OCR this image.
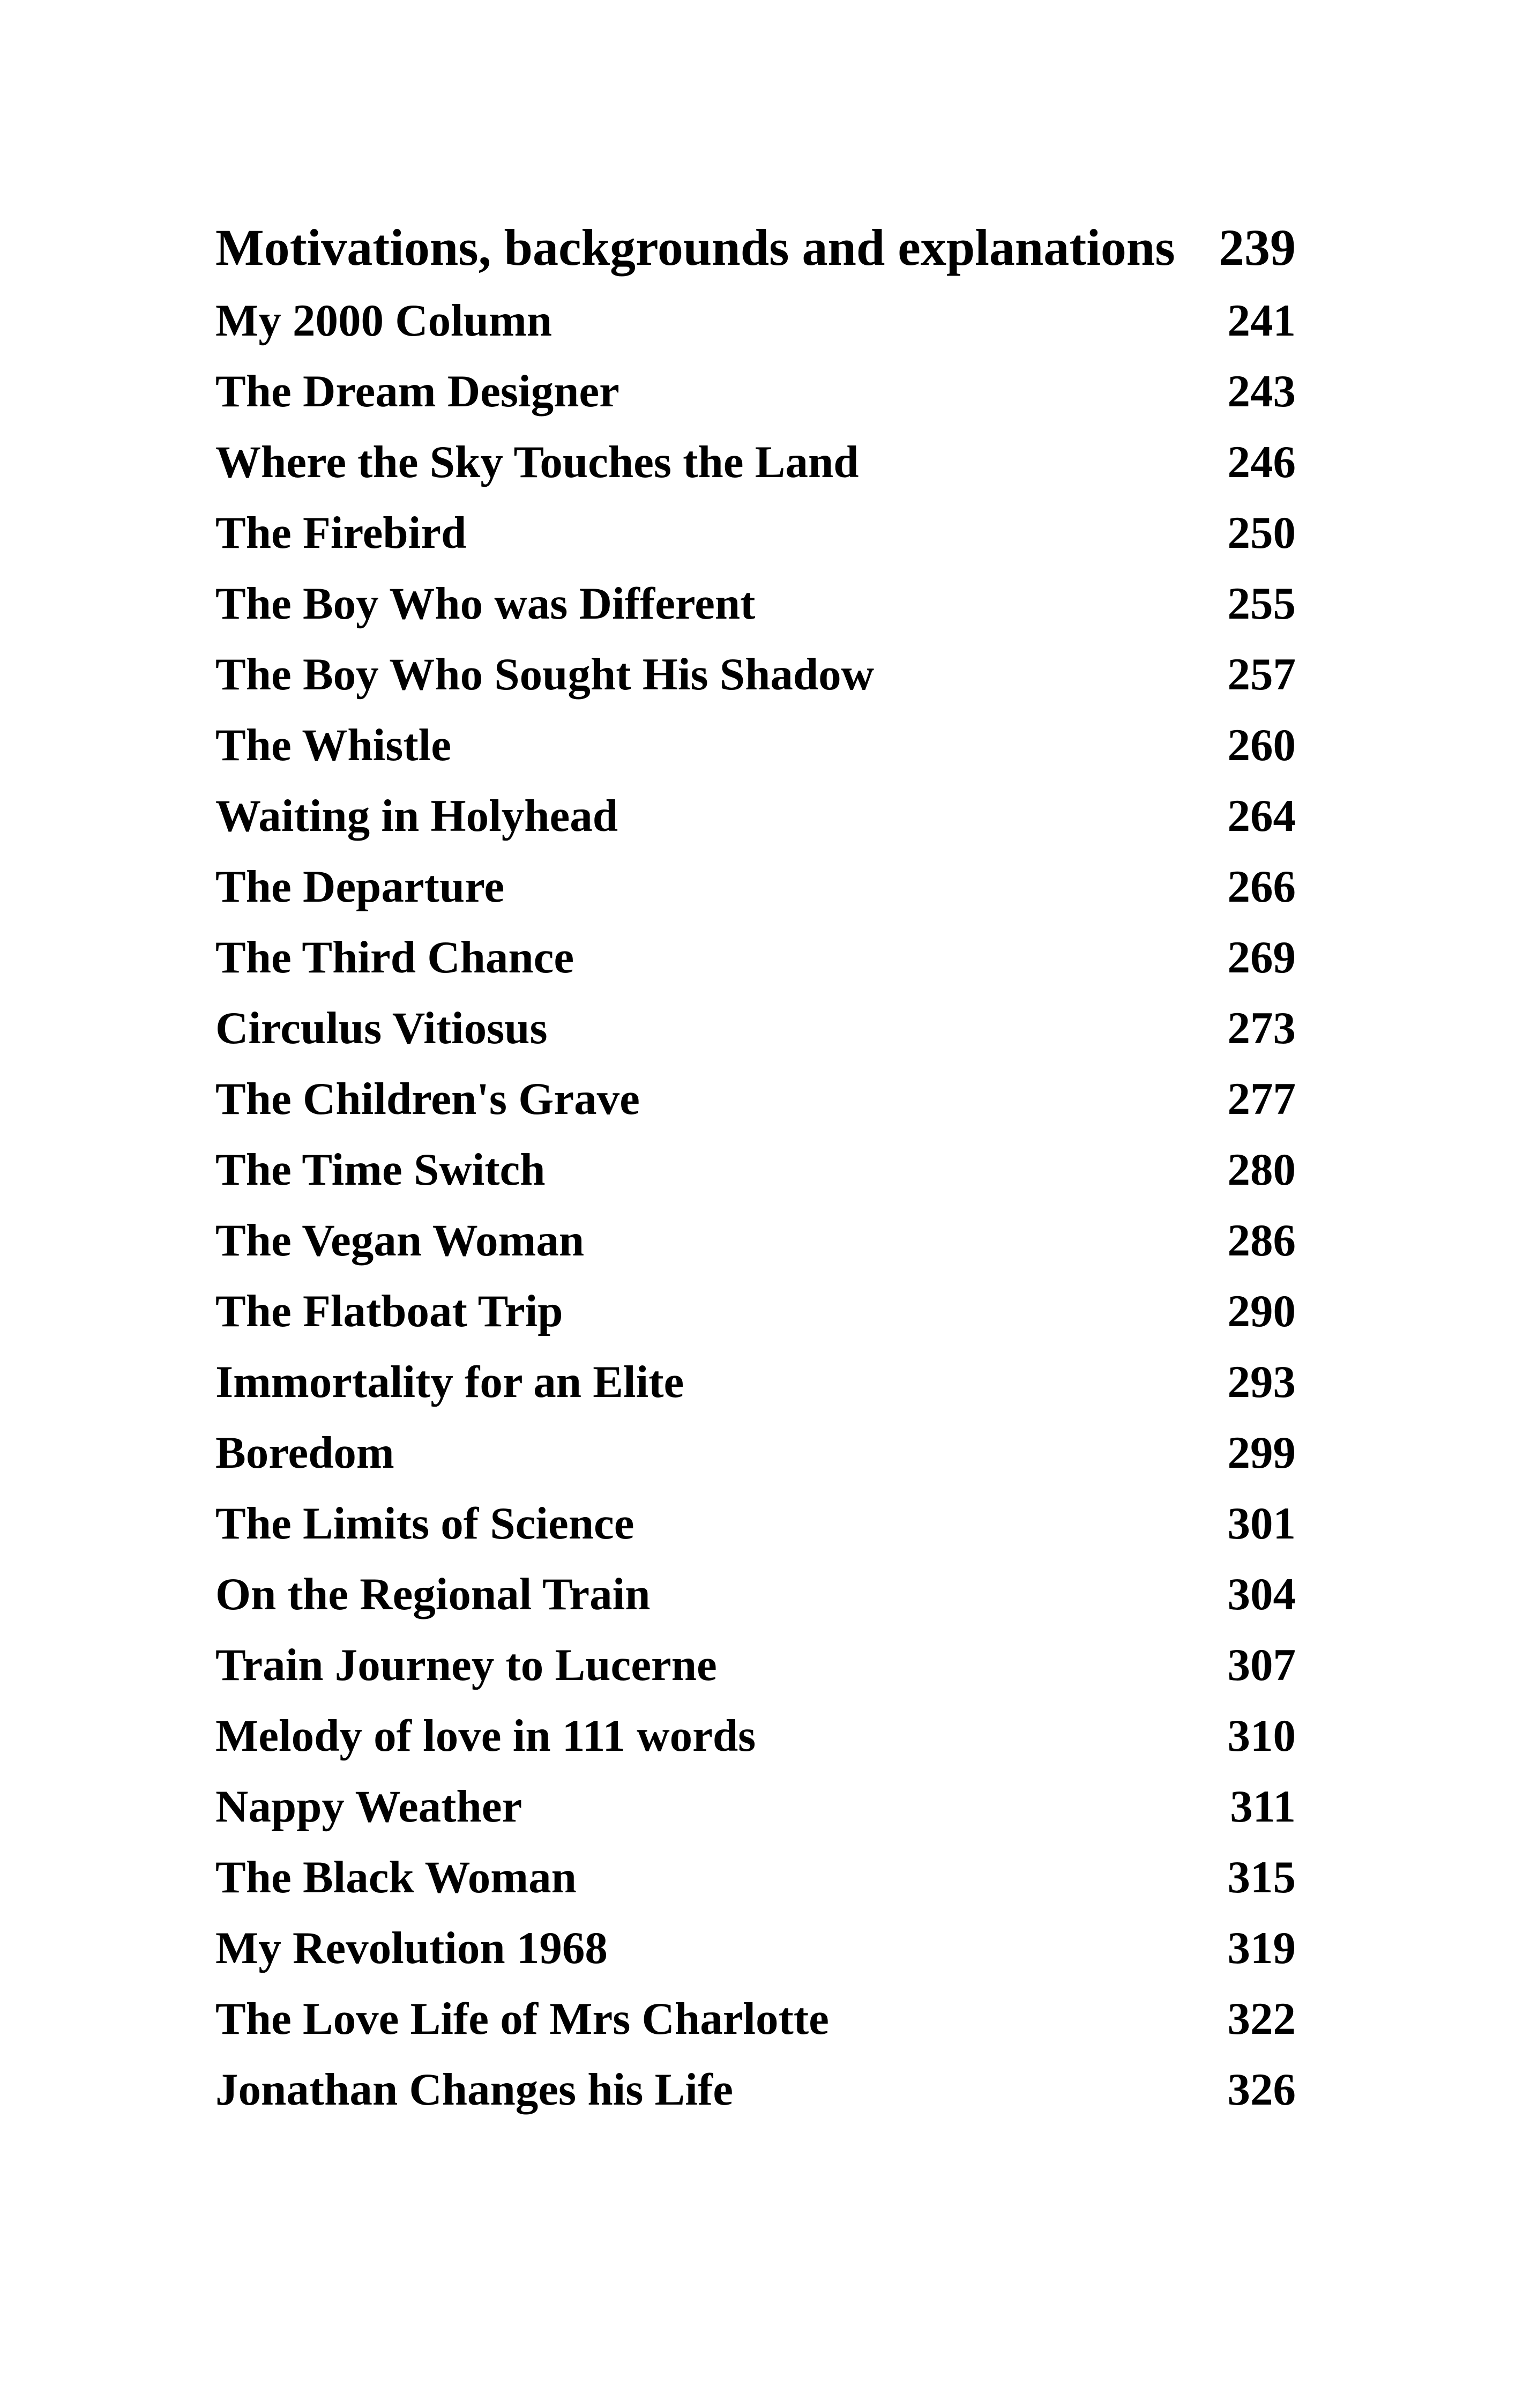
Motivations, backgrounds and explanations 239
My 2000 Column	241
The Dream Designer	243
Where the Sky Touches the Land	246
The Firebird	250
The Boy Who was Different	255
The Boy Who Sought His Shadow	257
The Whistle	260
Waiting in Holyhead	264
The Departure	266
The Third Chance	269
Circulus Vitiosus	273
The Children's Grave	277
The Time Switch	280
The Vegan Woman	286
The Flatboat Trip	290
Immortality for an Elite	293
Boredom	299
The Limits of Science	301
On the Regional Train	304
Train Journey to Lucerne	307
Melody of love in 111 words	310
Nappy Weather	311
The Black Woman	315
My Revolution 1968	319
The Love Life of Mrs Charlotte	322
Jonathan Changes his Life	326
